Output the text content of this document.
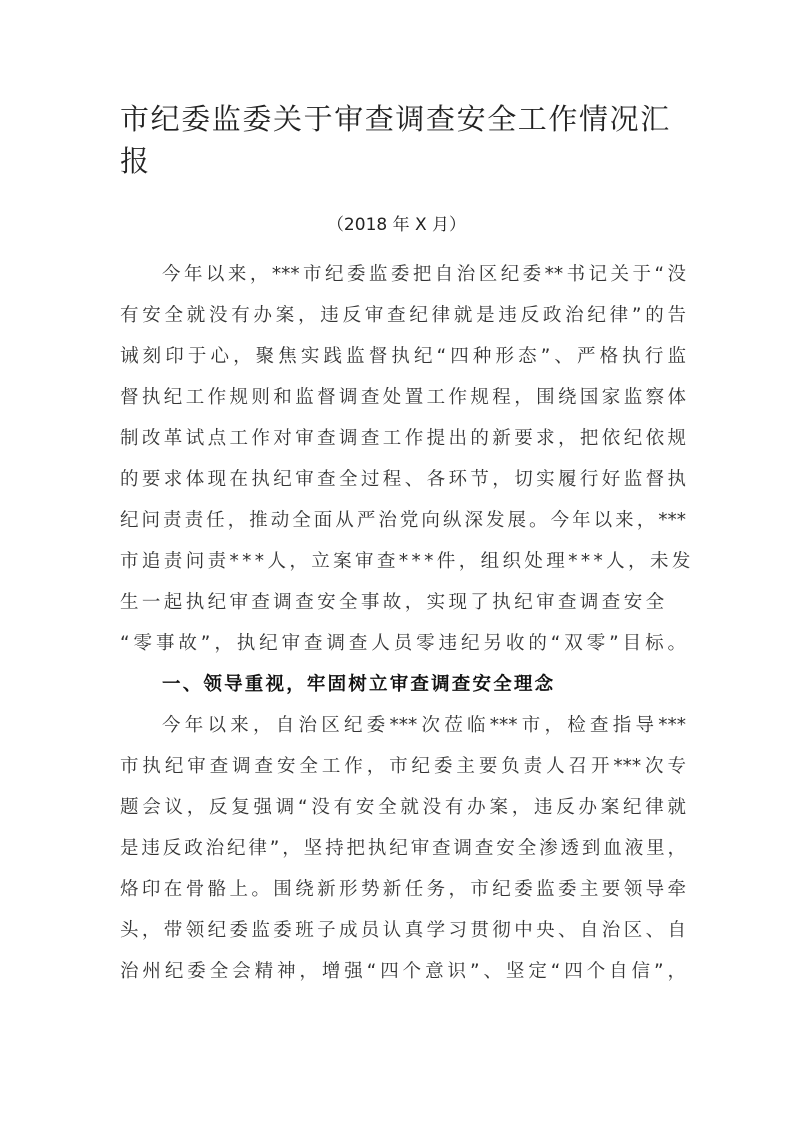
市纪委监委关于审查调查安全工作情况汇
报
（2018 年 X 月）
今年以来，***市纪委监委把自治区纪委**书记关于“没
有安全就没有办案，违反审查纪律就是违反政治纪律”的告
诫刻印于心，聚焦实践监督执纪“四种形态”、严格执行监
督执纪工作规则和监督调查处置工作规程，围绕国家监察体
制改革试点工作对审查调查工作提出的新要求，把依纪依规
的要求体现在执纪审查全过程、各环节，切实履行好监督执
纪问责责任，推动全面从严治党向纵深发展。今年以来，***
市追责问责***人，立案审查***件，组织处理***人，未发
生一起执纪审查调查安全事故，实现了执纪审查调查安全
“零事故”，执纪审查调查人员零违纪另收的“双零”目标。
一、领导重视，牢固树立审查调查安全理念
今年以来，自治区纪委***次莅临***市，检查指导***
市执纪审查调查安全工作，市纪委主要负责人召开***次专
题会议，反复强调“没有安全就没有办案，违反办案纪律就
是违反政治纪律”，坚持把执纪审查调查安全渗透到血液里，
烙印在骨骼上。围绕新形势新任务，市纪委监委主要领导牵
头，带领纪委监委班子成员认真学习贯彻中央、自治区、自
治州纪委全会精神，增强“四个意识”、坚定“四个自信”，
